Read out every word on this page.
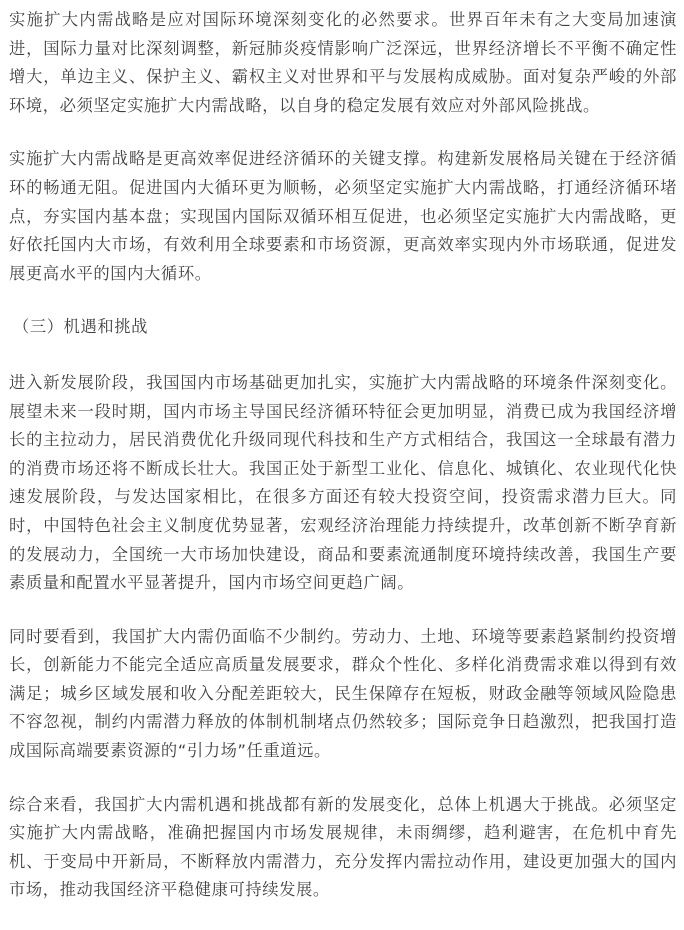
实施扩大内需战略是应对国际环境深刻变化的必然要求。世界百年未有之大变局加速演进，国际力量对比深刻调整，新冠肺炎疫情影响广泛深远，世界经济增长不平衡不确定性增大，单边主义、保护主义、霸权主义对世界和平与发展构成威胁。面对复杂严峻的外部环境，必须坚定实施扩大内需战略，以自身的稳定发展有效应对外部风险挑战。

实施扩大内需战略是更高效率促进经济循环的关键支撑。构建新发展格局关键在于经济循环的畅通无阻。促进国内大循环更为顺畅，必须坚定实施扩大内需战略，打通经济循环堵点，夯实国内基本盘；实现国内国际双循环相互促进，也必须坚定实施扩大内需战略，更好依托国内大市场，有效利用全球要素和市场资源，更高效率实现内外市场联通，促进发展更高水平的国内大循环。

（三）机遇和挑战

进入新发展阶段，我国国内市场基础更加扎实，实施扩大内需战略的环境条件深刻变化。展望未来一段时期，国内市场主导国民经济循环特征会更加明显，消费已成为我国经济增长的主拉动力，居民消费优化升级同现代科技和生产方式相结合，我国这一全球最有潜力的消费市场还将不断成长壮大。我国正处于新型工业化、信息化、城镇化、农业现代化快速发展阶段，与发达国家相比，在很多方面还有较大投资空间，投资需求潜力巨大。同时，中国特色社会主义制度优势显著，宏观经济治理能力持续提升，改革创新不断孕育新的发展动力，全国统一大市场加快建设，商品和要素流通制度环境持续改善，我国生产要素质量和配置水平显著提升，国内市场空间更趋广阔。

同时要看到，我国扩大内需仍面临不少制约。劳动力、土地、环境等要素趋紧制约投资增长，创新能力不能完全适应高质量发展要求，群众个性化、多样化消费需求难以得到有效满足；城乡区域发展和收入分配差距较大，民生保障存在短板，财政金融等领域风险隐患不容忽视，制约内需潜力释放的体制机制堵点仍然较多；国际竞争日趋激烈，把我国打造成国际高端要素资源的“引力场”任重道远。

综合来看，我国扩大内需机遇和挑战都有新的发展变化，总体上机遇大于挑战。必须坚定实施扩大内需战略，准确把握国内市场发展规律，未雨绸缪，趋利避害，在危机中育先机、于变局中开新局，不断释放内需潜力，充分发挥内需拉动作用，建设更加强大的国内市场，推动我国经济平稳健康可持续发展。
